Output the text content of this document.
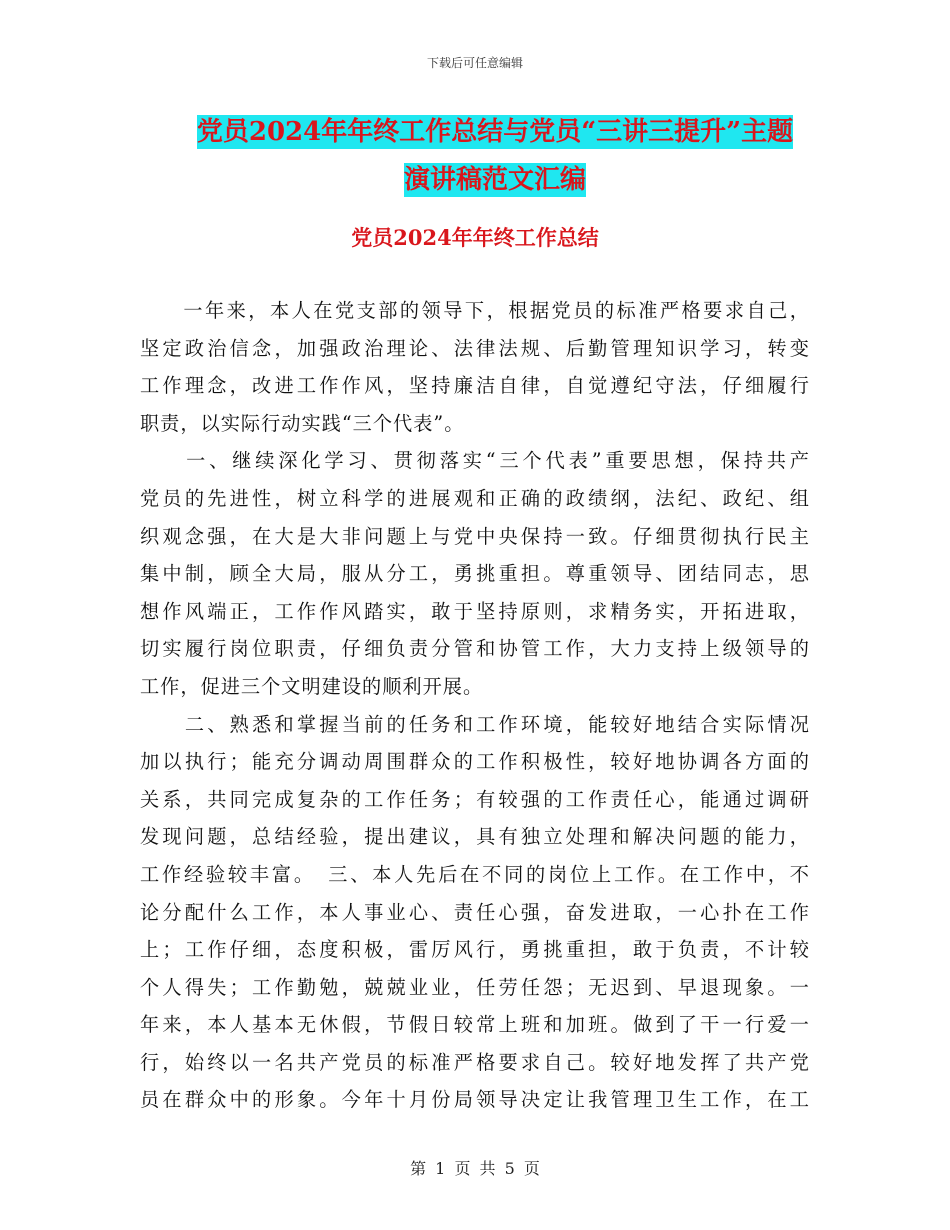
下载后可任意编辑
党员2024年年终工作总结与党员“三讲三提升”主题
演讲稿范文汇编
党员2024年年终工作总结
　　一年来，本人在党支部的领导下，根据党员的标准严格要求自己，
坚定政治信念，加强政治理论、法律法规、后勤管理知识学习，转变
工作理念，改进工作作风，坚持廉洁自律，自觉遵纪守法，仔细履行
职责，以实际行动实践“三个代表”。
　　一、继续深化学习、贯彻落实“三个代表”重要思想，保持共产
党员的先进性，树立科学的进展观和正确的政绩纲，法纪、政纪、组
织观念强，在大是大非问题上与党中央保持一致。仔细贯彻执行民主
集中制，顾全大局，服从分工，勇挑重担。尊重领导、团结同志，思
想作风端正，工作作风踏实，敢于坚持原则，求精务实，开拓进取，
切实履行岗位职责，仔细负责分管和协管工作，大力支持上级领导的
工作，促进三个文明建设的顺利开展。
　　二、熟悉和掌握当前的任务和工作环境，能较好地结合实际情况
加以执行；能充分调动周围群众的工作积极性，较好地协调各方面的
关系，共同完成复杂的工作任务；有较强的工作责任心，能通过调研
发现问题，总结经验，提出建议，具有独立处理和解决问题的能力，
工作经验较丰富。　三、本人先后在不同的岗位上工作。在工作中，不
论分配什么工作，本人事业心、责任心强，奋发进取，一心扑在工作
上；工作仔细，态度积极，雷厉风行，勇挑重担，敢于负责，不计较
个人得失；工作勤勉，兢兢业业，任劳任怨；无迟到、早退现象。一
年来，本人基本无休假，节假日较常上班和加班。做到了干一行爱一
行，始终以一名共产党员的标准严格要求自己。较好地发挥了共产党
员在群众中的形象。今年十月份局领导决定让我管理卫生工作，在工
第 1 页 共 5 页
